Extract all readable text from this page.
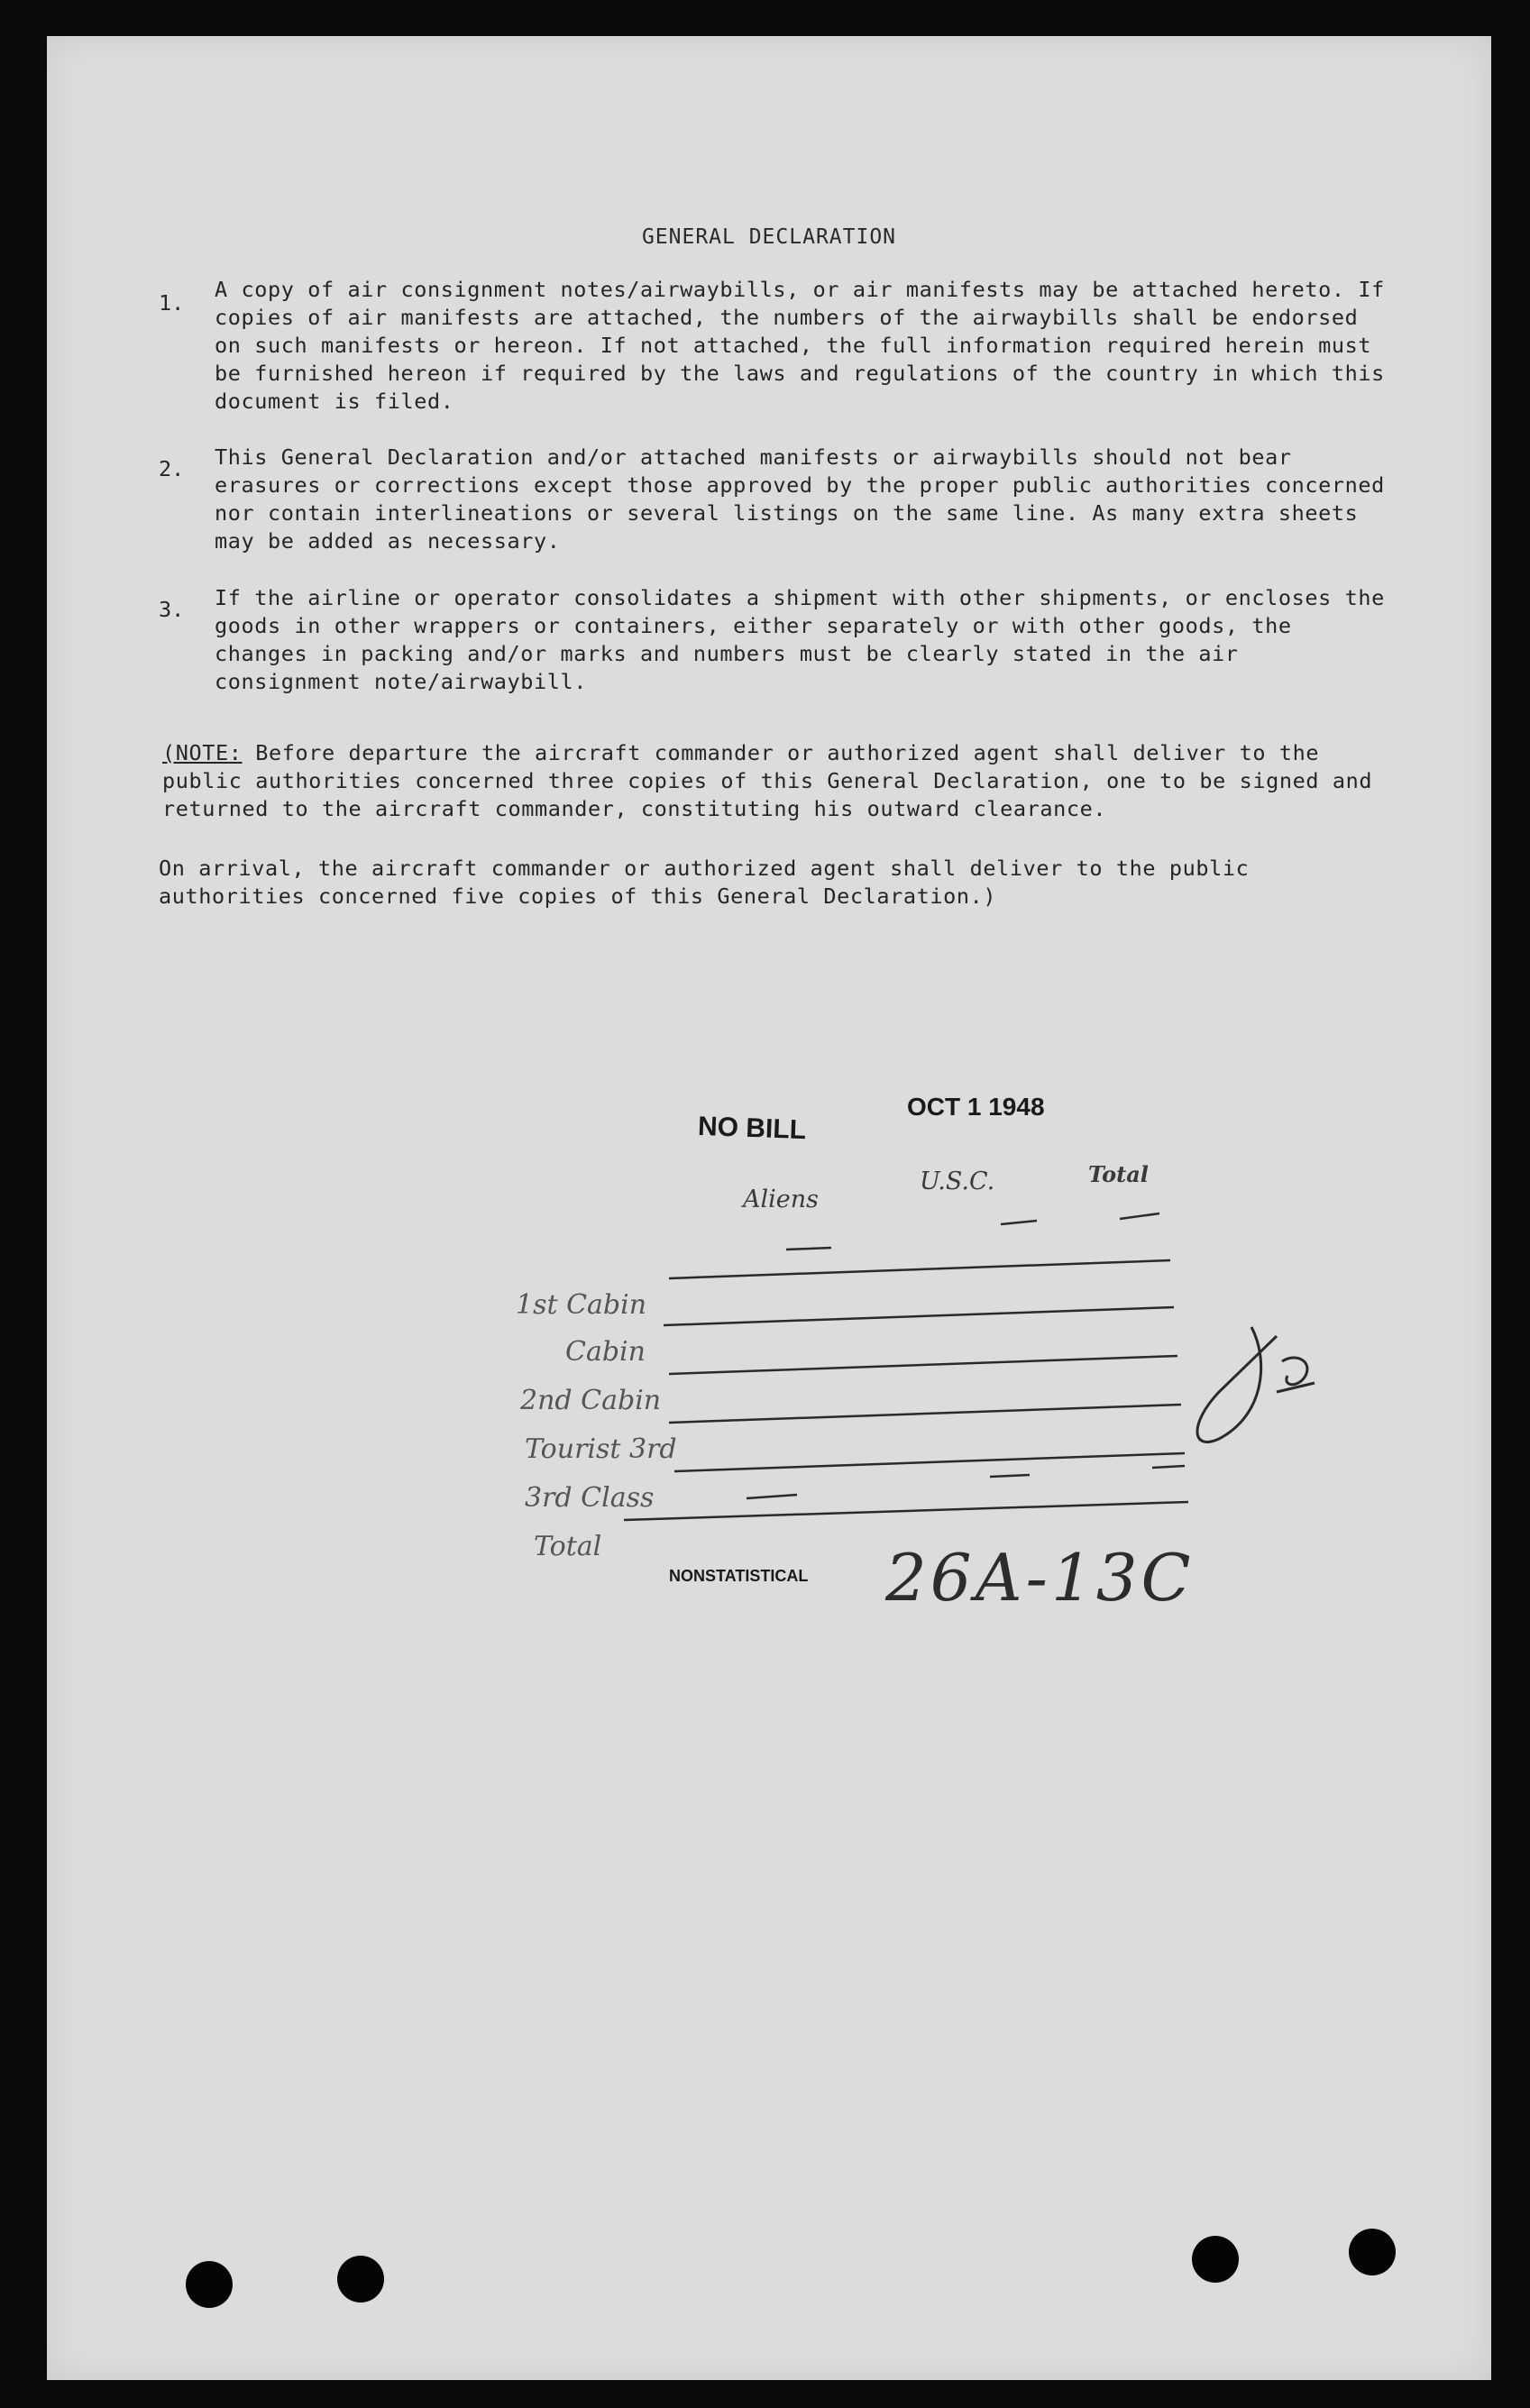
GENERAL DECLARATION
1.
A copy of air consignment notes/airwaybills, or air manifests may be attached hereto. If copies of air manifests are attached, the numbers of the airwaybills shall be endorsed on such manifests or hereon. If not attached, the full information required herein must be furnished hereon if required by the laws and regulations of the country in which this document is filed.
2. This General Declaration and/or attached manifests or airwaybills should not bear erasures or corrections except those approved by the proper public authorities concerned nor contain interlineations or several listings on the same line. As many extra sheets may be added as necessary.
3. If the airline or operator consolidates a shipment with other shipments, or encloses the goods in other wrappers or containers, either separately or with other goods, the changes in packing and/or marks and numbers must be clearly stated in the air consignment note/airwaybill.
(NOTE: Before departure the aircraft commander or authorized agent shall deliver to the public authorities concerned three copies of this General Declaration, one to be signed and returned to the aircraft commander, constituting his outward clearance.
On arrival, the aircraft commander or authorized agent shall deliver to the public authorities concerned five copies of this General Declaration.)
NO BILL
OCT 1 1948
Aliens
U.S.C.	Total
1st Cabin
Cabin
2nd Cabin
Tourist 3rd
3rd Class
Total
NONSTATISTICAL 26A-13C
